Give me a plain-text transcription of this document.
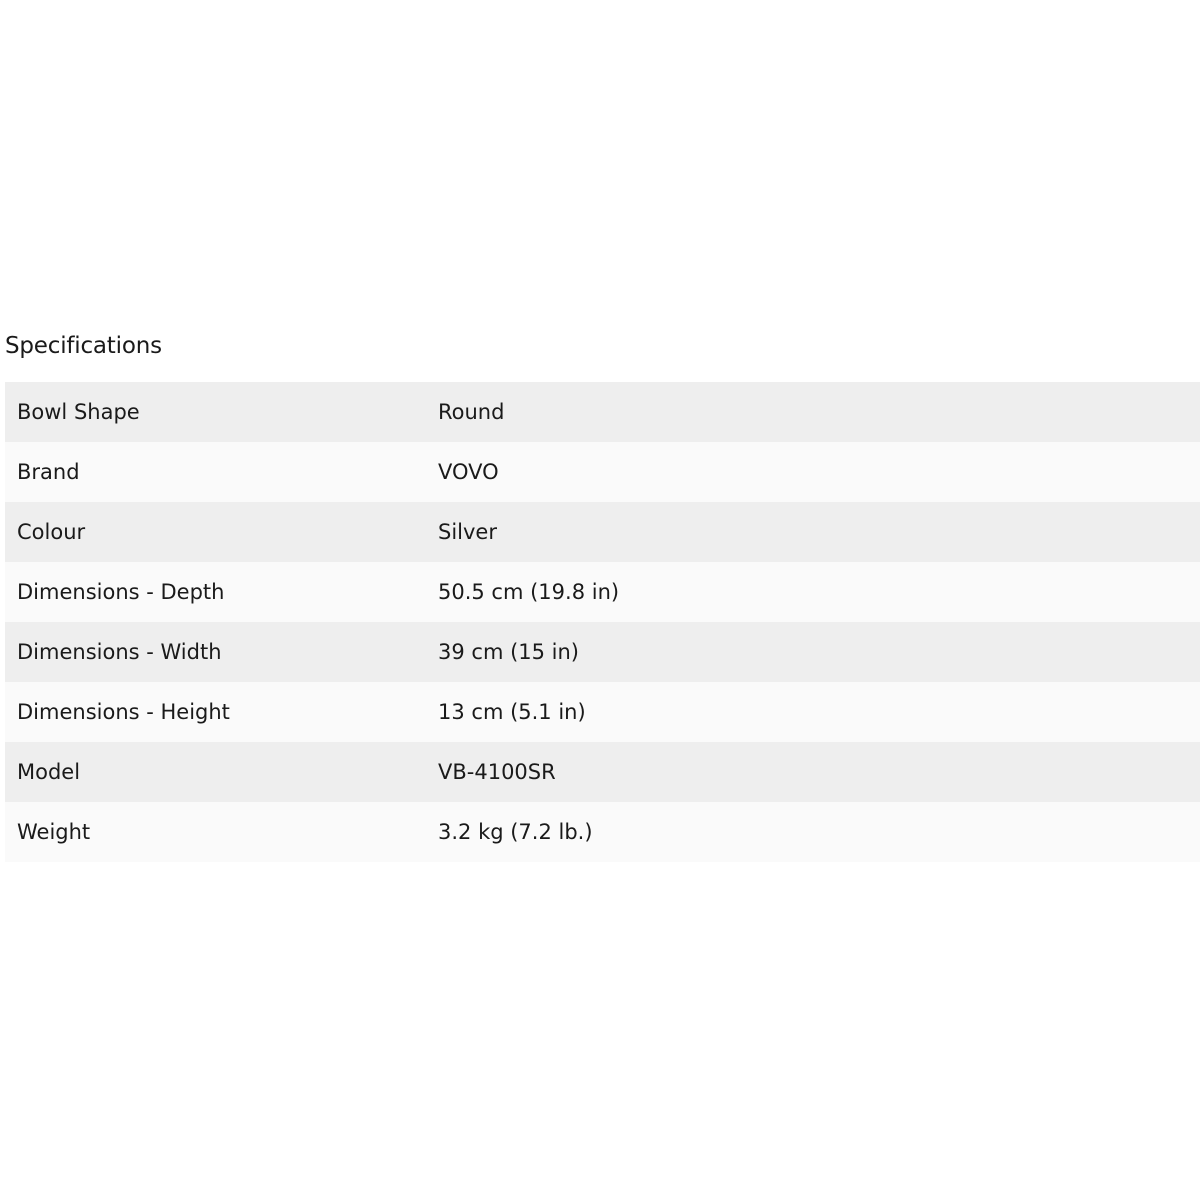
Specifications
Bowl Shape	Round
Brand	VOVO
Colour	Silver
Dimensions - Depth	50.5 cm (19.8 in)
Dimensions - Width	39 cm (15 in)
Dimensions - Height	13 cm (5.1 in)
Model	VB-4100SR
Weight	3.2 kg (7.2 lb.)
